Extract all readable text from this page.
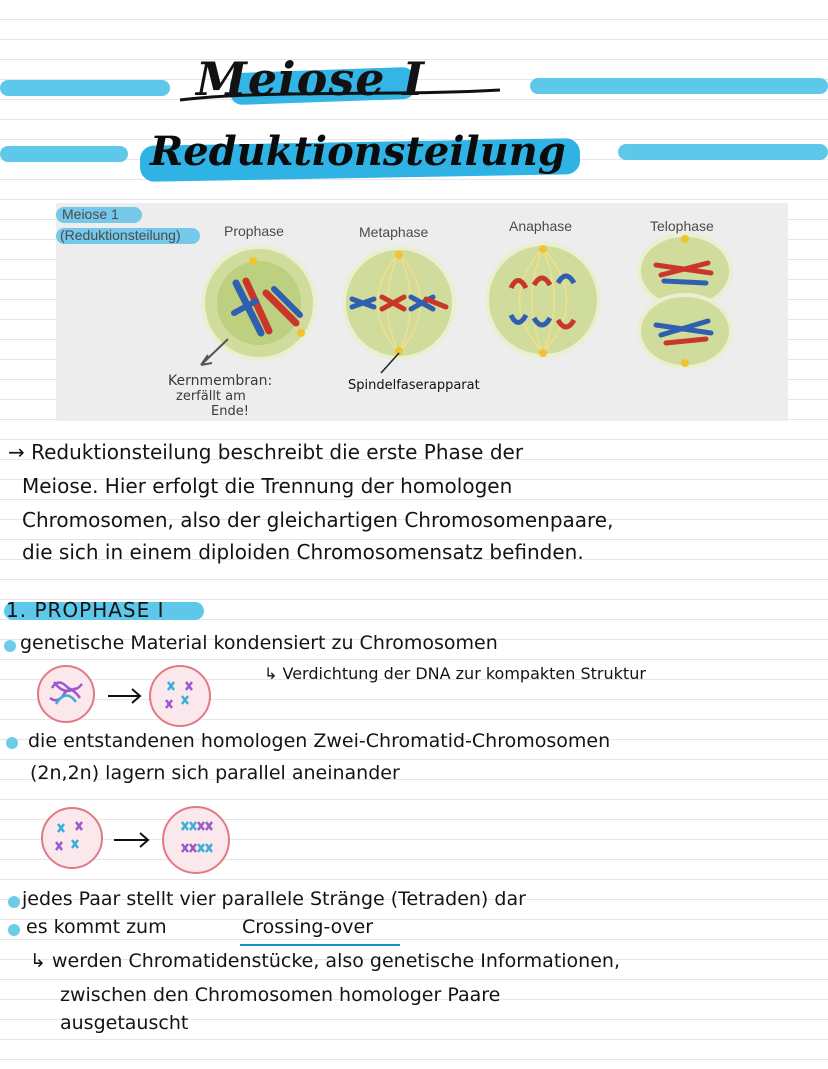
Meiose I
Reduktionsteilung
Meiose 1
(Reduktionsteilung)	Prophase	Metaphase	Anaphase	Telophase
Kernmembran:
zerfällt am
Ende!
Spindelfaserapparat
→ Reduktionsteilung beschreibt die erste Phase der
Meiose. Hier erfolgt die Trennung der homologen
Chromosomen, also der gleichartigen Chromosomenpaare,
die sich in einem diploiden Chromosomensatz befinden.
1. PROPHASE I
genetische Material kondensiert zu Chromosomen
↳ Verdichtung der DNA zur kompakten Struktur
die entstandenen homologen Zwei-Chromatid-Chromosomen
(2n,2n) lagern sich parallel aneinander
jedes Paar stellt vier parallele Stränge (Tetraden) dar
es kommt zum	Crossing-over
↳ werden Chromatidenstücke, also genetische Informationen,
zwischen den Chromosomen homologer Paare
ausgetauscht
